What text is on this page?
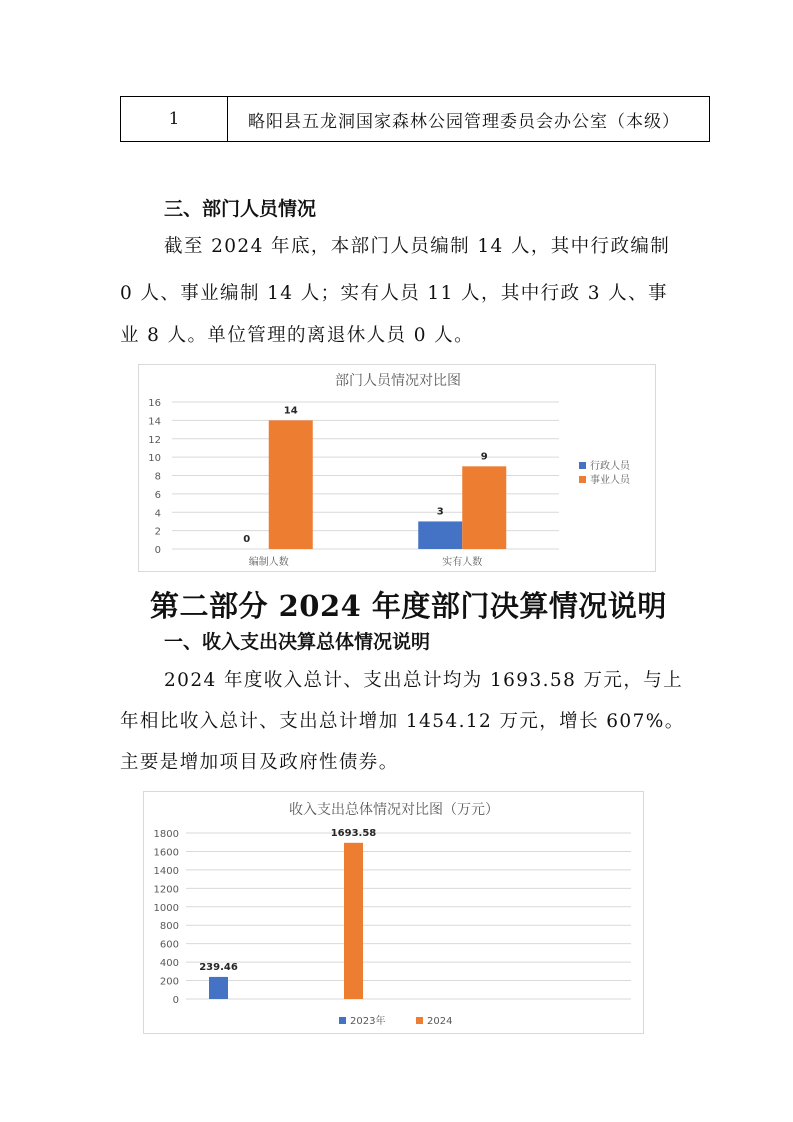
1	略阳县五龙洞国家森林公园管理委员会办公室（本级）
三、部门人员情况
截至 2024 年底，本部门人员编制 14 人，其中行政编制
0 人、事业编制 14 人；实有人员 11 人，其中行政 3 人、事
业 8 人。单位管理的离退休人员 0 人。
部门人员情况对比图
0
2
4
6
8
10
12
14
16
编制人数
0
14
实有人数
3
9
行政人员
事业人员
第二部分 2024 年度部门决算情况说明
一、收入支出决算总体情况说明
2024 年度收入总计、支出总计均为 1693.58 万元，与上
年相比收入总计、支出总计增加 1454.12 万元，增长 607%。
主要是增加项目及政府性债券。
收入支出总体情况对比图（万元）
0
200
400
600
800
1000
1200
1400
1600
1800
239.46
1693.58
2023年	2024
